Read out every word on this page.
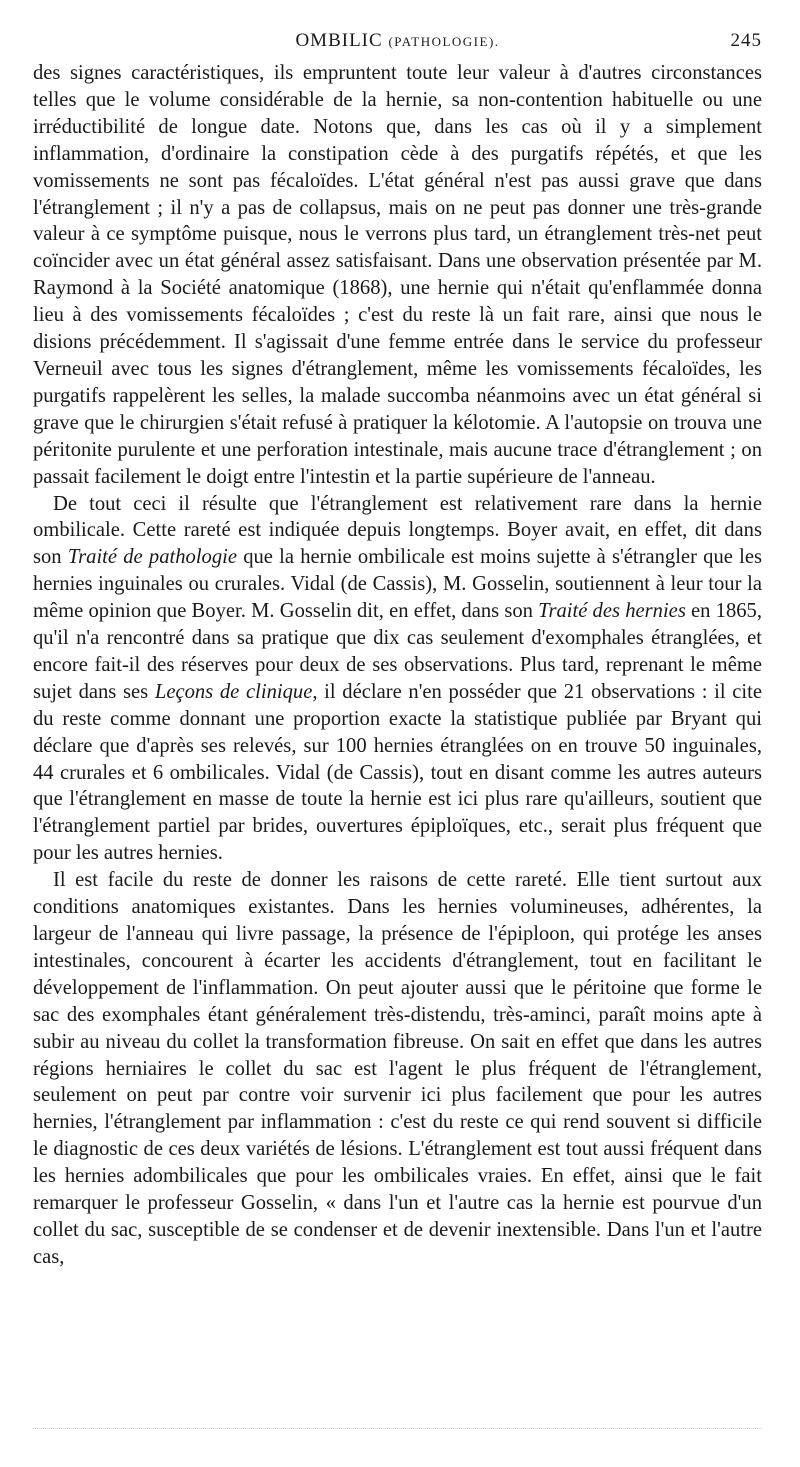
OMBILIC (PATHOLOGIE).	245

des signes caractéristiques, ils empruntent toute leur valeur à d'autres circonstances telles que le volume considérable de la hernie, sa non-contention habituelle ou une irréductibilité de longue date. Notons que, dans les cas où il y a simplement inflammation, d'ordinaire la constipation cède à des purgatifs répétés, et que les vomissements ne sont pas fécaloïdes. L'état général n'est pas aussi grave que dans l'étranglement ; il n'y a pas de collapsus, mais on ne peut pas donner une très-grande valeur à ce symptôme puisque, nous le verrons plus tard, un étranglement très-net peut coïncider avec un état général assez satisfaisant. Dans une observation présentée par M. Raymond à la Société anatomique (1868), une hernie qui n'était qu'enflammée donna lieu à des vomissements fécaloïdes ; c'est du reste là un fait rare, ainsi que nous le disions précédemment. Il s'agissait d'une femme entrée dans le service du professeur Verneuil avec tous les signes d'étranglement, même les vomissements fécaloïdes, les purgatifs rappelèrent les selles, la malade succomba néanmoins avec un état général si grave que le chirurgien s'était refusé à pratiquer la kélotomie. A l'autopsie on trouva une péritonite purulente et une perforation intestinale, mais aucune trace d'étranglement ; on passait facilement le doigt entre l'intestin et la partie supérieure de l'anneau.

De tout ceci il résulte que l'étranglement est relativement rare dans la hernie ombilicale. Cette rareté est indiquée depuis longtemps. Boyer avait, en effet, dit dans son Traité de pathologie que la hernie ombilicale est moins sujette à s'étrangler que les hernies inguinales ou crurales. Vidal (de Cassis), M. Gosselin, soutiennent à leur tour la même opinion que Boyer. M. Gosselin dit, en effet, dans son Traité des hernies en 1865, qu'il n'a rencontré dans sa pratique que dix cas seulement d'exomphales étranglées, et encore fait-il des réserves pour deux de ses observations. Plus tard, reprenant le même sujet dans ses Leçons de clinique, il déclare n'en posséder que 21 observations : il cite du reste comme donnant une proportion exacte la statistique publiée par Bryant qui déclare que d'après ses relevés, sur 100 hernies étranglées on en trouve 50 inguinales, 44 crurales et 6 ombilicales. Vidal (de Cassis), tout en disant comme les autres auteurs que l'étranglement en masse de toute la hernie est ici plus rare qu'ailleurs, soutient que l'étranglement partiel par brides, ouvertures épiploïques, etc., serait plus fréquent que pour les autres hernies.

Il est facile du reste de donner les raisons de cette rareté. Elle tient surtout aux conditions anatomiques existantes. Dans les hernies volumineuses, adhérentes, la largeur de l'anneau qui livre passage, la présence de l'épiploon, qui protége les anses intestinales, concourent à écarter les accidents d'étranglement, tout en facilitant le développement de l'inflammation. On peut ajouter aussi que le péritoine que forme le sac des exomphales étant généralement très-distendu, très-aminci, paraît moins apte à subir au niveau du collet la transformation fibreuse. On sait en effet que dans les autres régions herniaires le collet du sac est l'agent le plus fréquent de l'étranglement, seulement on peut par contre voir survenir ici plus facilement que pour les autres hernies, l'étranglement par inflammation : c'est du reste ce qui rend souvent si difficile le diagnostic de ces deux variétés de lésions. L'étranglement est tout aussi fréquent dans les hernies adombilicales que pour les ombilicales vraies. En effet, ainsi que le fait remarquer le professeur Gosselin, « dans l'un et l'autre cas la hernie est pourvue d'un collet du sac, susceptible de se condenser et de devenir inextensible. Dans l'un et l'autre cas,
